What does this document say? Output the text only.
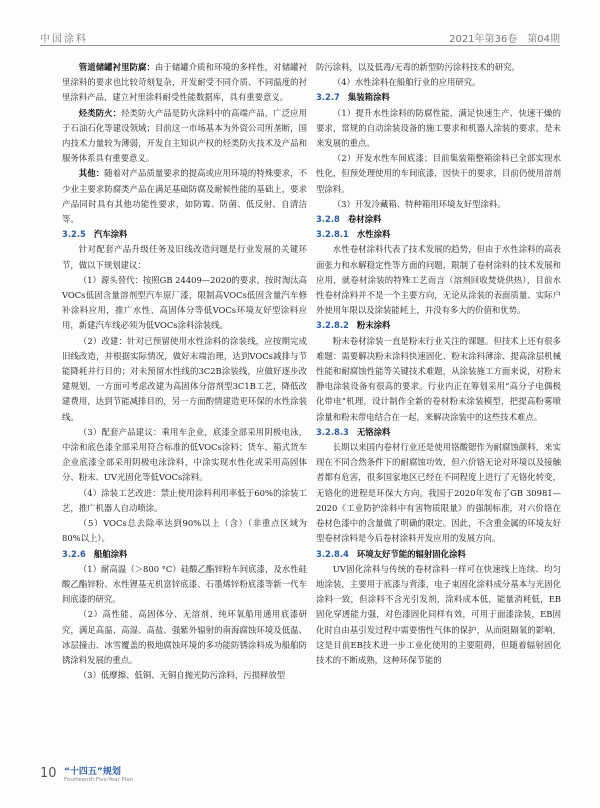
中国涂料	2021年第36卷　第04期

管道储罐衬里防腐：由于储罐介质和环境的多样性，对储罐衬里涂料的要求也比较苛刻复杂，开发耐受不同介质、不同温度的衬里涂料产品，建立衬里涂料耐受性能数据库，具有重要意义。

烃类防火：烃类防火产品是防火涂料中的高端产品，广泛应用于石油石化等建设领域；目前这一市场基本为外资公司所垄断，国内技术力量较为薄弱，开发自主知识产权的烃类防火技术及产品和服务体系具有重要意义。

其他：随着对产品质量要求的提高或应用环境的特殊要求，不少业主要求防腐类产品在满足基础防腐及耐候性能的基础上，要求产品同时具有其他功能性要求，如防霉、防菌、低反射、自清洁等。

3.2.5 汽车涂料

针对配套产品升级任务及旧线改造问题是行业发展的关键环节，做以下规划建议：

（1）源头替代：按照GB 24409—2020的要求，按时淘汰高VOCs低固含量溶剂型汽车原厂漆，限制高VOCs低固含量汽车修补涂料应用，推广水性、高固体分等低VOCs环境友好型涂料应用，新建汽车线必须为低VOCs涂料涂装线。

（2）改建：针对已预留使用水性涂料的涂装线，应按期完成旧线改造，并根据实际情况，做好末端治理，达到VOCs减排与节能降耗并行目的；对未预留水性线的3C2B涂装线，应做好逐步改建规划，一方面可考虑改建为高固体分溶剂型3C1B工艺，降低改建费用，达到节能减排目的，另一方面酌情建造更环保的水性涂装线。

（3）配套产品建议：乘用车企业，底漆全部采用阴极电泳，中涂和底色漆全部采用符合标准的低VOCs涂料；货车、箱式货车企业底漆全部采用阴极电泳涂料，中涂实现水性化或采用高固体分、粉末、UV光固化等低VOCs涂料。

（4）涂装工艺改进：禁止使用涂料利用率低于60%的涂装工艺，推广机器人自动喷涂。

（5）VOCs总去除率达到90%以上（含）（非重点区域为80%以上）。

3.2.6 船舶涂料

（1）耐高温（＞800 °C）硅酸乙酯锌粉车间底漆，及水性硅酸乙酯锌粉、水性锂基无机富锌底漆、石墨烯锌粉底漆等新一代车间底漆的研究。

（2）高性能、高固体分、无溶剂、纯环氧船用通用底漆研究，满足高温、高湿、高盐、强紫外辐射的南海腐蚀环境及低温、冰层撞击、冰雪覆盖的极地腐蚀环境的多功能防锈涂料成为船舶防锈涂料发展的重点。

（3）低摩擦、低铜、无铜自抛光防污涂料，污损释放型

防污涂料，以及低毒/无毒的新型防污涂料技术的研究。

（4）水性涂料在船舶行业的应用研究。

3.2.7 集装箱涂料

（1）提升水性涂料的防腐性能，满足快速生产、快速干燥的要求，常规的自动涂装设备的施工要求和机器人涂装的要求，是未来发展的重点。

（2）开发水性车间底漆；目前集装箱整箱涂料已全部实现水性化，但预处理使用的车间底漆，因快干的要求，目前仍使用溶剂型涂料。

（3）开发冷藏箱、特种箱用环境友好型涂料。

3.2.8 卷材涂料
3.2.8.1 水性涂料

水性卷材涂料代表了技术发展的趋势，但由于水性涂料的高表面张力和水解稳定性等方面的问题，限制了卷材涂料的技术发展和应用，就卷材涂装的特殊工艺而言（溶剂回收焚烧供热），目前水性卷材涂料并不是一个主要方向，无论从涂装的表面质量、实际户外使用年限以及涂装能耗上，并没有多大的价值和优势。

3.2.8.2 粉末涂料

粉末卷材涂装一直是粉末行业关注的课题。但技术上还有很多难题：需要解决粉末涂料快速固化、粉末涂料薄涂、提高涂层机械性能和耐腐蚀性能等关键技术难题，从涂装施工方面来说，对粉末静电涂装设备有很高的要求。行业内正在筹划采用“高分子电偶极化带电”机理，设计制作全新的卷材粉末涂装模型，把提高粉雾喷涂量和粉末带电结合在一起，来解决涂装中的这些技术难点。

3.2.8.3 无铬涂料

长期以来国内卷材行业还是使用铬酸锶作为耐腐蚀颜料，来实现在不同合然条件下的耐腐蚀功效，但六价铬无论对环境以及接触者都有危害，很多国家地区已经在不同程度上进行了无铬化转变，无铬化的进程是环保大方向。我国于2020年发布了GB 30981—2020《工业防护涂料中有害物质限量》的强制标准，对六价铬在卷材色漆中的含量做了明确的限定。因此，不含重金属的环境友好型卷材涂料是今后卷材涂料开发应用的发展方向。

3.2.8.4 环境友好节能的辐射固化涂料

UV固化涂料与传统的卷材涂料一样可在快速线上连续、均匀地涂装，主要用于底漆与背漆，电子束固化涂料成分基本与光固化涂料一致，但涂料不含光引发剂，涂料成本低，能量消耗低，EB固化穿透能力强，对色漆固化同样有效，可用于面漆涂装，EB固化时自由基引发过程中需要惰性气体的保护，从而阻隔氧的影响，这是目前EB技术进一步工业化使用的主要阻碍，但随着辐射固化技术的不断成熟，这种环保节能的

10 “十四五”规划
Fourteenth Five-Year Plan
